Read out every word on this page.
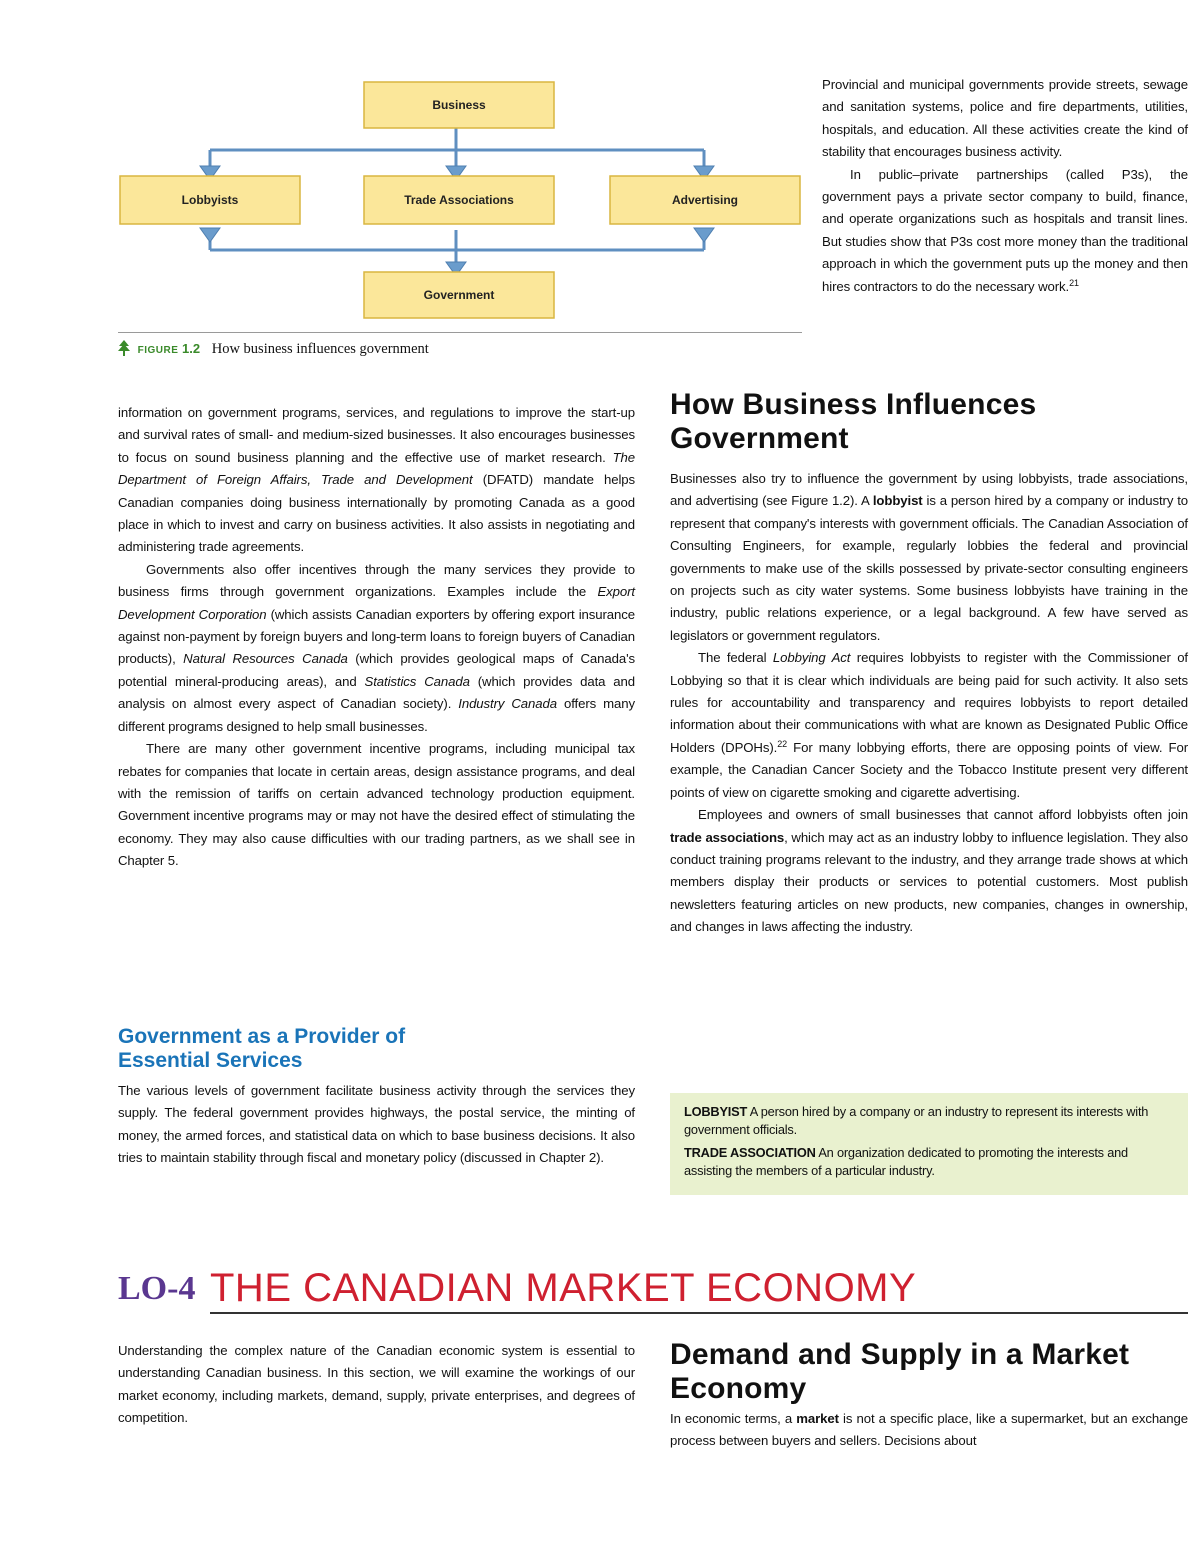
Business
Lobbyists	Trade Associations	Advertising
Government
FIGURE 1.2 How business influences government

Provincial and municipal governments provide streets, sewage and sanitation systems, police and fire departments, utilities, hospitals, and education. All these activities create the kind of stability that encourages business activity.

In public–private partnerships (called P3s), the government pays a private sector company to build, finance, and operate organizations such as hospitals and transit lines. But studies show that P3s cost more money than the traditional approach in which the government puts up the money and then hires contractors to do the necessary work.$^{21}$

information on government programs, services, and regulations to improve the start-up and survival rates of small- and medium-sized businesses. It also encourages businesses to focus on sound business planning and the effective use of market research. The Department of Foreign Affairs, Trade and Development (DFATD) mandate helps Canadian companies doing business internationally by promoting Canada as a good place in which to invest and carry on business activities. It also assists in negotiating and administering trade agreements.

Governments also offer incentives through the many services they provide to business firms through government organizations. Examples include the Export Development Corporation (which assists Canadian exporters by offering export insurance against non-payment by foreign buyers and long-term loans to foreign buyers of Canadian products), Natural Resources Canada (which provides geological maps of Canada's potential mineral-producing areas), and Statistics Canada (which provides data and analysis on almost every aspect of Canadian society). Industry Canada offers many different programs designed to help small businesses.

There are many other government incentive programs, including municipal tax rebates for companies that locate in certain areas, design assistance programs, and deal with the remission of tariffs on certain advanced technology production equipment. Government incentive programs may or may not have the desired effect of stimulating the economy. They may also cause difficulties with our trading partners, as we shall see in Chapter 5.

Government as a Provider of Essential Services

The various levels of government facilitate business activity through the services they supply. The federal government provides highways, the postal service, the minting of money, the armed forces, and statistical data on which to base business decisions. It also tries to maintain stability through fiscal and monetary policy (discussed in Chapter 2).

How Business Influences Government

Businesses also try to influence the government by using lobbyists, trade associations, and advertising (see Figure 1.2). A lobbyist is a person hired by a company or industry to represent that company's interests with government officials. The Canadian Association of Consulting Engineers, for example, regularly lobbies the federal and provincial governments to make use of the skills possessed by private-sector consulting engineers on projects such as city water systems. Some business lobbyists have training in the industry, public relations experience, or a legal background. A few have served as legislators or government regulators.

The federal Lobbying Act requires lobbyists to register with the Commissioner of Lobbying so that it is clear which individuals are being paid for such activity. It also sets rules for accountability and transparency and requires lobbyists to report detailed information about their communications with what are known as Designated Public Office Holders (DPOHs).$^{22}$ For many lobbying efforts, there are opposing points of view. For example, the Canadian Cancer Society and the Tobacco Institute present very different points of view on cigarette smoking and cigarette advertising.

Employees and owners of small businesses that cannot afford lobbyists often join trade associations, which may act as an industry lobby to influence legislation. They also conduct training programs relevant to the industry, and they arrange trade shows at which members display their products or services to potential customers. Most publish newsletters featuring articles on new products, new companies, changes in ownership, and changes in laws affecting the industry.

LOBBYIST A person hired by a company or an industry to represent its interests with government officials.

TRADE ASSOCIATION An organization dedicated to promoting the interests and assisting the members of a particular industry.

LO-4 THE CANADIAN MARKET ECONOMY

Understanding the complex nature of the Canadian economic system is essential to understanding Canadian business. In this section, we will examine the workings of our market economy, including markets, demand, supply, private enterprises, and degrees of competition.

Demand and Supply in a Market Economy

In economic terms, a market is not a specific place, like a supermarket, but an exchange process between buyers and sellers. Decisions about
